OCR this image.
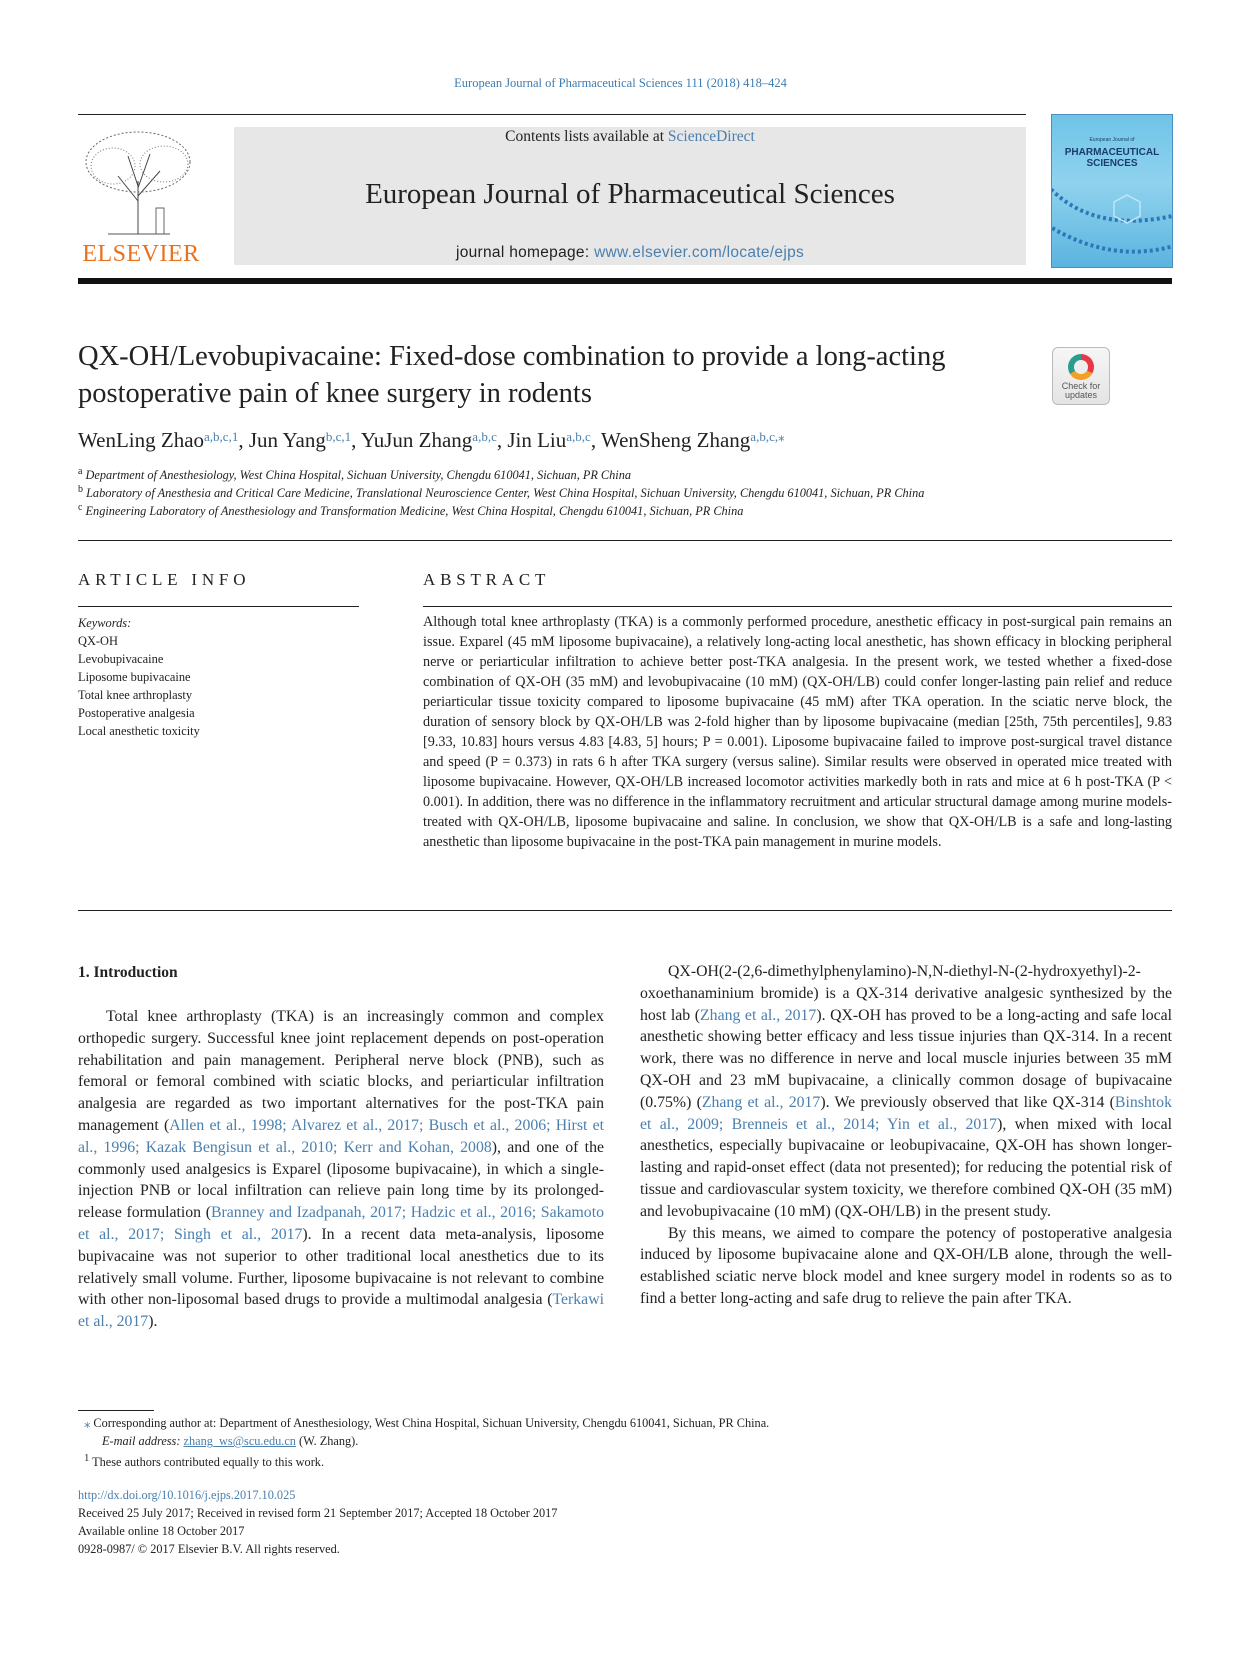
European Journal of Pharmaceutical Sciences 111 (2018) 418–424
ELSEVIER
Contents lists available at ScienceDirect
European Journal of Pharmaceutical Sciences
journal homepage: www.elsevier.com/locate/ejps
European Journal of
PHARMACEUTICAL
SCIENCES
QX-OH/Levobupivacaine: Fixed-dose combination to provide a long-acting postoperative pain of knee surgery in rodents	Check for
updates
WenLing Zhao$^{a,b,c,1}$, Jun Yang$^{b,c,1}$, YuJun Zhang$^{a,b,c}$, Jin Liu$^{a,b,c}$, WenSheng Zhang$^{a,b,c,⁎}$
$^a$ Department of Anesthesiology, West China Hospital, Sichuan University, Chengdu 610041, Sichuan, PR China
$^b$ Laboratory of Anesthesia and Critical Care Medicine, Translational Neuroscience Center, West China Hospital, Sichuan University, Chengdu 610041, Sichuan, PR China
$^c$ Engineering Laboratory of Anesthesiology and Transformation Medicine, West China Hospital, Chengdu 610041, Sichuan, PR China
ARTICLE INFO
Keywords:
QX-OH
Levobupivacaine
Liposome bupivacaine
Total knee arthroplasty
Postoperative analgesia
Local anesthetic toxicity
ABSTRACT
Although total knee arthroplasty (TKA) is a commonly performed procedure, anesthetic efficacy in post-surgical pain remains an issue. Exparel (45 mM liposome bupivacaine), a relatively long-acting local anesthetic, has shown efficacy in blocking peripheral nerve or periarticular infiltration to achieve better post-TKA analgesia. In the present work, we tested whether a fixed-dose combination of QX-OH (35 mM) and levobupivacaine (10 mM) (QX-OH/LB) could confer longer-lasting pain relief and reduce periarticular tissue toxicity compared to liposome bupivacaine (45 mM) after TKA operation. In the sciatic nerve block, the duration of sensory block by QX-OH/LB was 2-fold higher than by liposome bupivacaine (median [25th, 75th percentiles], 9.83 [9.33, 10.83] hours versus 4.83 [4.83, 5] hours; P = 0.001). Liposome bupivacaine failed to improve post-surgical travel distance and speed (P = 0.373) in rats 6 h after TKA surgery (versus saline). Similar results were observed in operated mice treated with liposome bupivacaine. However, QX-OH/LB increased locomotor activities markedly both in rats and mice at 6 h post-TKA (P < 0.001). In addition, there was no difference in the inflammatory recruitment and articular structural damage among murine models-treated with QX-OH/LB, liposome bupivacaine and saline. In conclusion, we show that QX-OH/LB is a safe and long-lasting anesthetic than liposome bupivacaine in the post-TKA pain management in murine models.
1. Introduction

Total knee arthroplasty (TKA) is an increasingly common and complex orthopedic surgery. Successful knee joint replacement depends on post-operation rehabilitation and pain management. Peripheral nerve block (PNB), such as femoral or femoral combined with sciatic blocks, and periarticular infiltration analgesia are regarded as two important alternatives for the post-TKA pain management (Allen et al., 1998; Alvarez et al., 2017; Busch et al., 2006; Hirst et al., 1996; Kazak Bengisun et al., 2010; Kerr and Kohan, 2008), and one of the commonly used analgesics is Exparel (liposome bupivacaine), in which a single-injection PNB or local infiltration can relieve pain long time by its prolonged-release formulation (Branney and Izadpanah, 2017; Hadzic et al., 2016; Sakamoto et al., 2017; Singh et al., 2017). In a recent data meta-analysis, liposome bupivacaine was not superior to other traditional local anesthetics due to its relatively small volume. Further, liposome bupivacaine is not relevant to combine with other non-liposomal based drugs to provide a multimodal analgesia (Terkawi et al., 2017).

QX-OH(2-(2,6-dimethylphenylamino)-N,N-diethyl-N-(2-hydroxyethyl)-2-oxoethanaminium bromide) is a QX-314 derivative analgesic synthesized by the host lab (Zhang et al., 2017). QX-OH has proved to be a long-acting and safe local anesthetic showing better efficacy and less tissue injuries than QX-314. In a recent work, there was no difference in nerve and local muscle injuries between 35 mM QX-OH and 23 mM bupivacaine, a clinically common dosage of bupivacaine (0.75%) (Zhang et al., 2017). We previously observed that like QX-314 (Binshtok et al., 2009; Brenneis et al., 2014; Yin et al., 2017), when mixed with local anesthetics, especially bupivacaine or leobupivacaine, QX-OH has shown longer-lasting and rapid-onset effect (data not presented); for reducing the potential risk of tissue and cardiovascular system toxicity, we therefore combined QX-OH (35 mM) and levobupivacaine (10 mM) (QX-OH/LB) in the present study.

By this means, we aimed to compare the potency of postoperative analgesia induced by liposome bupivacaine alone and QX-OH/LB alone, through the well-established sciatic nerve block model and knee surgery model in rodents so as to find a better long-acting and safe drug to relieve the pain after TKA.

⁎ Corresponding author at: Department of Anesthesiology, West China Hospital, Sichuan University, Chengdu 610041, Sichuan, PR China.
E-mail address: zhang_ws@scu.edu.cn (W. Zhang).
$^1$ These authors contributed equally to this work.
http://dx.doi.org/10.1016/j.ejps.2017.10.025
Received 25 July 2017; Received in revised form 21 September 2017; Accepted 18 October 2017
Available online 18 October 2017
0928-0987/ © 2017 Elsevier B.V. All rights reserved.
